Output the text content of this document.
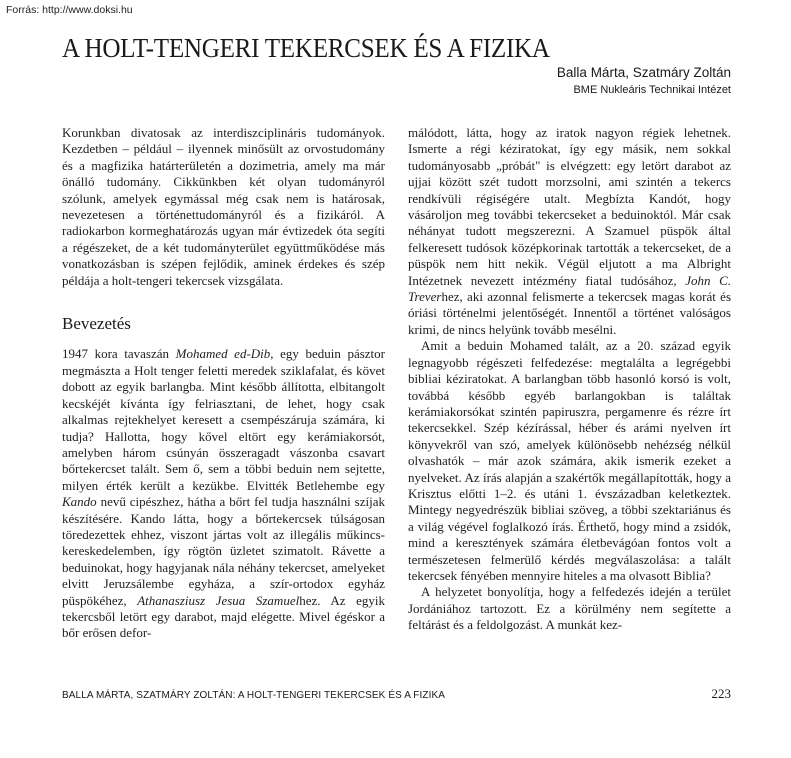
Forrás: http://www.doksi.hu
A HOLT-TENGERI TEKERCSEK ÉS A FIZIKA
Balla Márta, Szatmáry Zoltán
BME Nukleáris Technikai Intézet

Korunkban divatosak az interdiszciplináris tudományok. Kezdetben – például – ilyennek minősült az orvostudomány és a magfizika határterületén a dozimetria, amely ma már önálló tudomány. Cikkünkben két olyan tudományról szólunk, amelyek egymással még csak nem is határosak, nevezetesen a történettudományról és a fizikáról. A radiokarbon kormeghatározás ugyan már évtizedek óta segíti a régészeket, de a két tudományterület együttműködése más vonatkozásban is szépen fejlődik, aminek érdekes és szép példája a holt-tengeri tekercsek vizsgálata.

Bevezetés

1947 kora tavaszán Mohamed ed-Dib, egy beduin pásztor megmászta a Holt tenger feletti meredek sziklafalat, és követ dobott az egyik barlangba. Mint később állította, elbitangolt kecskéjét kívánta így felriasztani, de lehet, hogy csak alkalmas rejtekhelyet keresett a csempészáruja számára, ki tudja? Hallotta, hogy kővel eltört egy kerámiakorsót, amelyben három csúnyán összeragadt vászonba csavart bőrtekercset talált. Sem ő, sem a többi beduin nem sejtette, milyen érték került a kezükbe. Elvitték Betlehembe egy Kando nevű cipészhez, hátha a bőrt fel tudja használni szíjak készítésére. Kando látta, hogy a bőrtekercsek túlságosan töredezettek ehhez, viszont jártas volt az illegális műkincs-kereskedelemben, így rögtön üzletet szimatolt. Rávette a beduinokat, hogy hagyjanak nála néhány tekercset, amelyeket elvitt Jeruzsálembe egyháza, a szír-ortodox egyház püspökéhez, Athanasziusz Jesua Szamuelhez. Az egyik tekercsből letört egy darabot, majd elégette. Mivel égéskor a bőr erősen defor-

málódott, látta, hogy az iratok nagyon régiek lehetnek. Ismerte a régi kéziratokat, így egy másik, nem sokkal tudományosabb „próbát" is elvégzett: egy letört darabot az ujjai között szét tudott morzsolni, ami szintén a tekercs rendkívüli régiségére utalt. Megbízta Kandót, hogy vásároljon meg további tekercseket a beduinoktól. Már csak néhányat tudott megszerezni. A Szamuel püspök által felkeresett tudósok középkorinak tartották a tekercseket, de a püspök nem hitt nekik. Végül eljutott a ma Albright Intézetnek nevezett intézmény fiatal tudósához, John C. Treverhez, aki azonnal felismerte a tekercsek magas korát és óriási történelmi jelentőségét. Innentől a történet valóságos krimi, de nincs helyünk tovább mesélni.

Amit a beduin Mohamed talált, az a 20. század egyik legnagyobb régészeti felfedezése: megtalálta a legrégebbi bibliai kéziratokat. A barlangban több hasonló korsó is volt, továbbá később egyéb barlangokban is találtak kerámiakorsókat szintén papiruszra, pergamenre és rézre írt tekercsekkel. Szép kézírással, héber és arámi nyelven írt könyvekről van szó, amelyek különösebb nehézség nélkül olvashatók – már azok számára, akik ismerik ezeket a nyelveket. Az írás alapján a szakértők megállapították, hogy a Krisztus előtti 1–2. és utáni 1. évszázadban keletkeztek. Mintegy negyedrészük bibliai szöveg, a többi szektariánus és a világ végével foglalkozó írás. Érthető, hogy mind a zsidók, mind a keresztények számára életbevágóan fontos volt a természetesen felmerülő kérdés megválaszolása: a talált tekercsek fényében mennyire hiteles a ma olvasott Biblia?

A helyzetet bonyolítja, hogy a felfedezés idején a terület Jordániához tartozott. Ez a körülmény nem segítette a feltárást és a feldolgozást. A munkát kez-

BALLA MÁRTA, SZATMÁRY ZOLTÁN: A HOLT-TENGERI TEKERCSEK ÉS A FIZIKA	223
